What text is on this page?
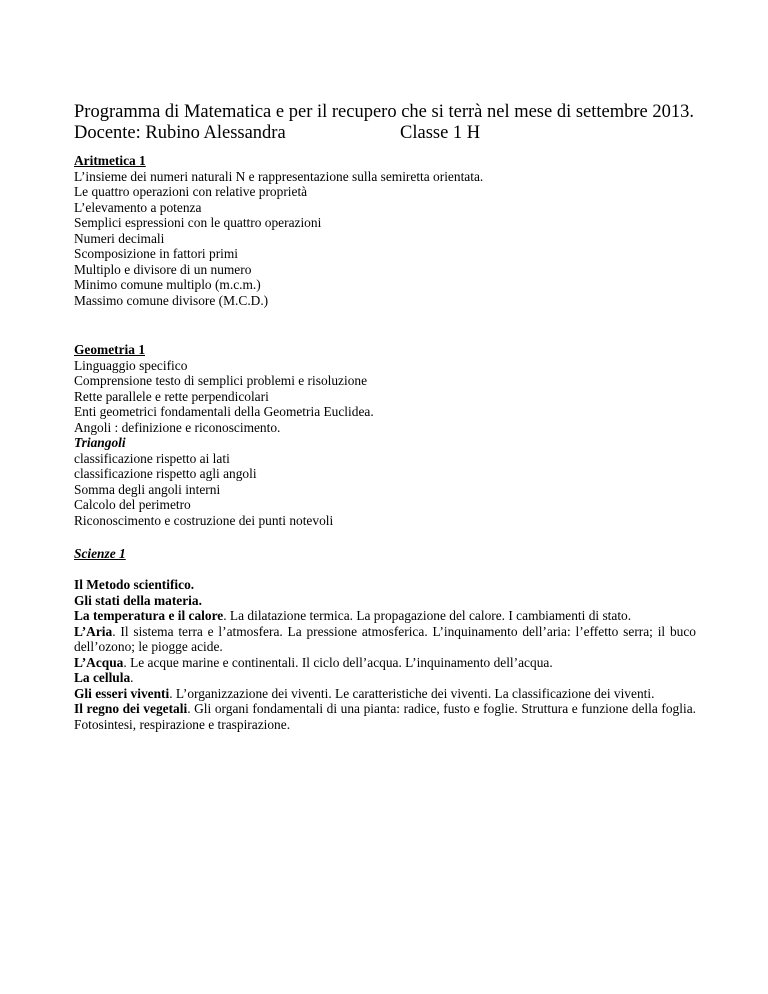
Programma di Matematica e per il recupero che si terrà nel mese di settembre 2013.
Docente: Rubino Alessandra	Classe 1 H
Aritmetica 1
L’insieme dei numeri naturali N e rappresentazione sulla semiretta orientata.
Le quattro operazioni con relative proprietà
L’elevamento a potenza
Semplici espressioni con le quattro operazioni
Numeri decimali
Scomposizione in fattori primi
Multiplo e divisore di un numero
Minimo comune multiplo (m.c.m.)
Massimo comune divisore (M.C.D.)
Geometria 1
Linguaggio specifico
Comprensione testo di semplici problemi e risoluzione
Rette parallele e rette perpendicolari
Enti geometrici fondamentali della Geometria Euclidea.
Angoli : definizione e riconoscimento.
Triangoli
classificazione rispetto ai lati
classificazione rispetto agli angoli
Somma degli angoli interni
Calcolo del perimetro
Riconoscimento e costruzione dei punti notevoli
Scienze 1
Il Metodo scientifico.
Gli stati della materia.
La temperatura e il calore. La dilatazione termica. La propagazione del calore. I cambiamenti di stato.
L’Aria. Il sistema terra e l’atmosfera. La pressione atmosferica. L’inquinamento dell’aria: l’effetto serra; il buco dell’ozono; le piogge acide.
L’Acqua. Le acque marine e continentali. Il ciclo dell’acqua. L’inquinamento dell’acqua.
La cellula.
Gli esseri viventi. L’organizzazione dei viventi. Le caratteristiche dei viventi. La classificazione dei viventi.
Il regno dei vegetali. Gli organi fondamentali di una pianta: radice, fusto e foglie. Struttura e funzione della foglia. Fotosintesi, respirazione e traspirazione.
